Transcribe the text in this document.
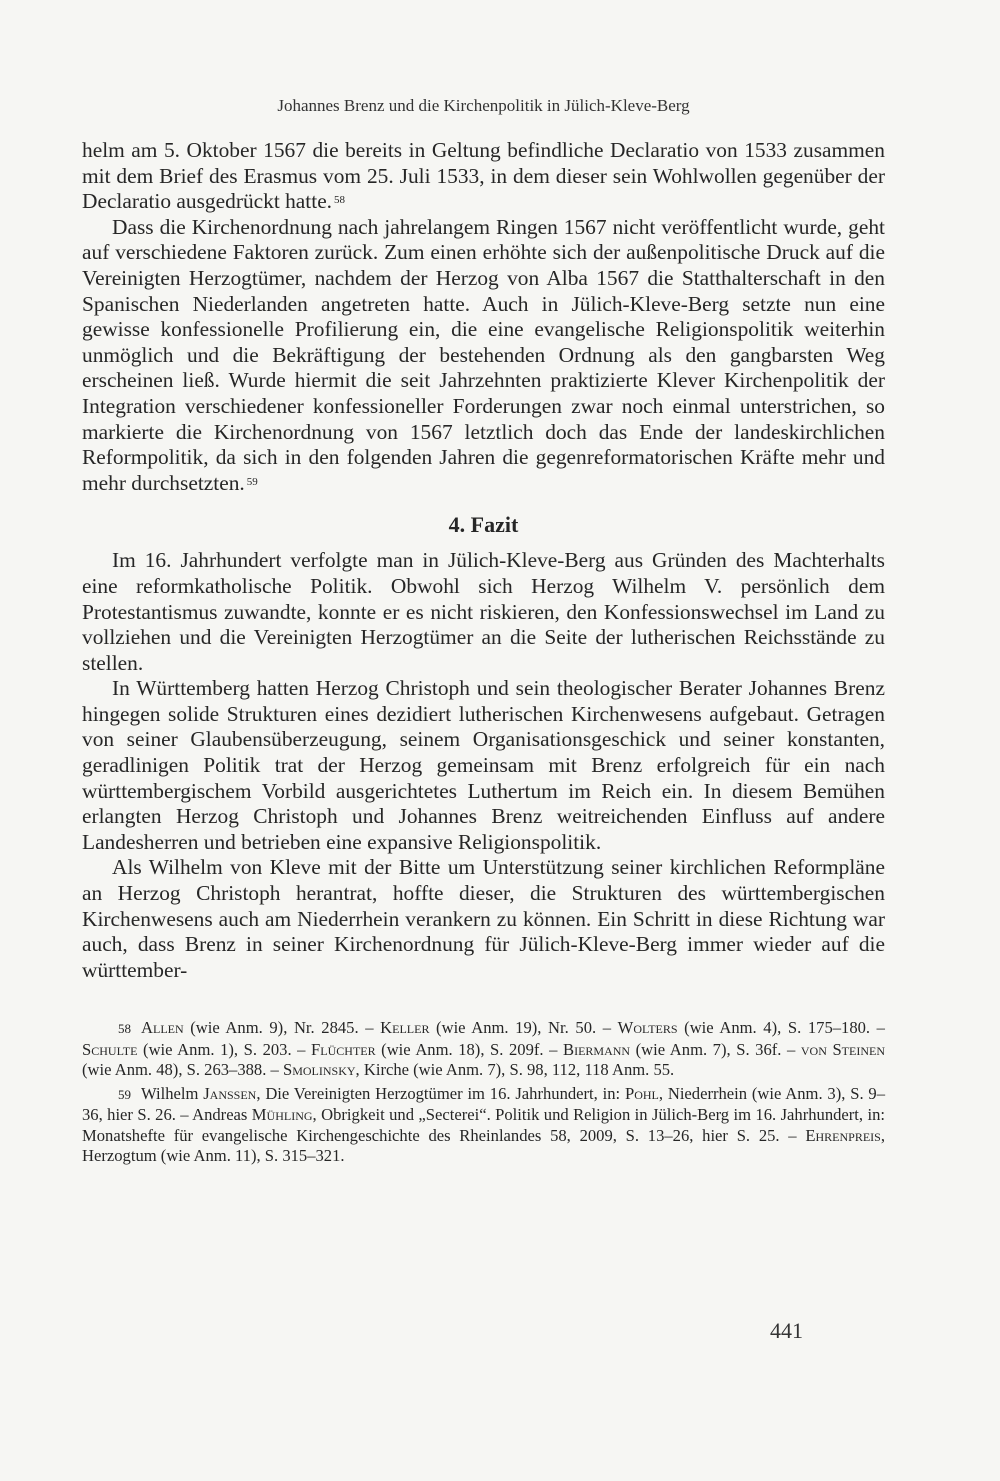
Johannes Brenz und die Kirchenpolitik in Jülich-Kleve-Berg

helm am 5. Oktober 1567 die bereits in Geltung befindliche Declaratio von 1533 zusammen mit dem Brief des Erasmus vom 25. Juli 1533, in dem dieser sein Wohlwollen gegenüber der Declaratio ausgedrückt hatte. $^{58}$

Dass die Kirchenordnung nach jahrelangem Ringen 1567 nicht veröffentlicht wurde, geht auf verschiedene Faktoren zurück. Zum einen erhöhte sich der außenpolitische Druck auf die Vereinigten Herzogtümer, nachdem der Herzog von Alba 1567 die Statthalterschaft in den Spanischen Niederlanden angetreten hatte. Auch in Jülich-Kleve-Berg setzte nun eine gewisse konfessionelle Profilierung ein, die eine evangelische Religionspolitik weiterhin unmöglich und die Bekräftigung der bestehenden Ordnung als den gangbarsten Weg erscheinen ließ. Wurde hiermit die seit Jahrzehnten praktizierte Klever Kirchenpolitik der Integration verschiedener konfessioneller Forderungen zwar noch einmal unterstrichen, so markierte die Kirchenordnung von 1567 letztlich doch das Ende der landeskirchlichen Reformpolitik, da sich in den folgenden Jahren die gegenreformatorischen Kräfte mehr und mehr durchsetzten. $^{59}$

4. Fazit

Im 16. Jahrhundert verfolgte man in Jülich-Kleve-Berg aus Gründen des Machterhalts eine reformkatholische Politik. Obwohl sich Herzog Wilhelm V. persönlich dem Protestantismus zuwandte, konnte er es nicht riskieren, den Konfessionswechsel im Land zu vollziehen und die Vereinigten Herzogtümer an die Seite der lutherischen Reichsstände zu stellen.

In Württemberg hatten Herzog Christoph und sein theologischer Berater Johannes Brenz hingegen solide Strukturen eines dezidiert lutherischen Kirchenwesens aufgebaut. Getragen von seiner Glaubensüberzeugung, seinem Organisationsgeschick und seiner konstanten, geradlinigen Politik trat der Herzog gemeinsam mit Brenz erfolgreich für ein nach württembergischem Vorbild ausgerichtetes Luthertum im Reich ein. In diesem Bemühen erlangten Herzog Christoph und Johannes Brenz weitreichenden Einfluss auf andere Landesherren und betrieben eine expansive Religionspolitik.

Als Wilhelm von Kleve mit der Bitte um Unterstützung seiner kirchlichen Reformpläne an Herzog Christoph herantrat, hoffte dieser, die Strukturen des württembergischen Kirchenwesens auch am Niederrhein verankern zu können. Ein Schritt in diese Richtung war auch, dass Brenz in seiner Kirchenordnung für Jülich-Kleve-Berg immer wieder auf die württember-

58 Allen (wie Anm. 9), Nr. 2845. – Keller (wie Anm. 19), Nr. 50. – Wolters (wie Anm. 4), S. 175–180. – Schulte (wie Anm. 1), S. 203. – Flüchter (wie Anm. 18), S. 209f. – Biermann (wie Anm. 7), S. 36f. – von Steinen (wie Anm. 48), S. 263–388. – Smolinsky, Kirche (wie Anm. 7), S. 98, 112, 118 Anm. 55.

59 Wilhelm Janssen, Die Vereinigten Herzogtümer im 16. Jahrhundert, in: Pohl, Niederrhein (wie Anm. 3), S. 9–36, hier S. 26. – Andreas Mühling, Obrigkeit und „Secterei“. Politik und Religion in Jülich-Berg im 16. Jahrhundert, in: Monatshefte für evangelische Kirchengeschichte des Rheinlandes 58, 2009, S. 13–26, hier S. 25. – Ehrenpreis, Herzogtum (wie Anm. 11), S. 315–321.

441
